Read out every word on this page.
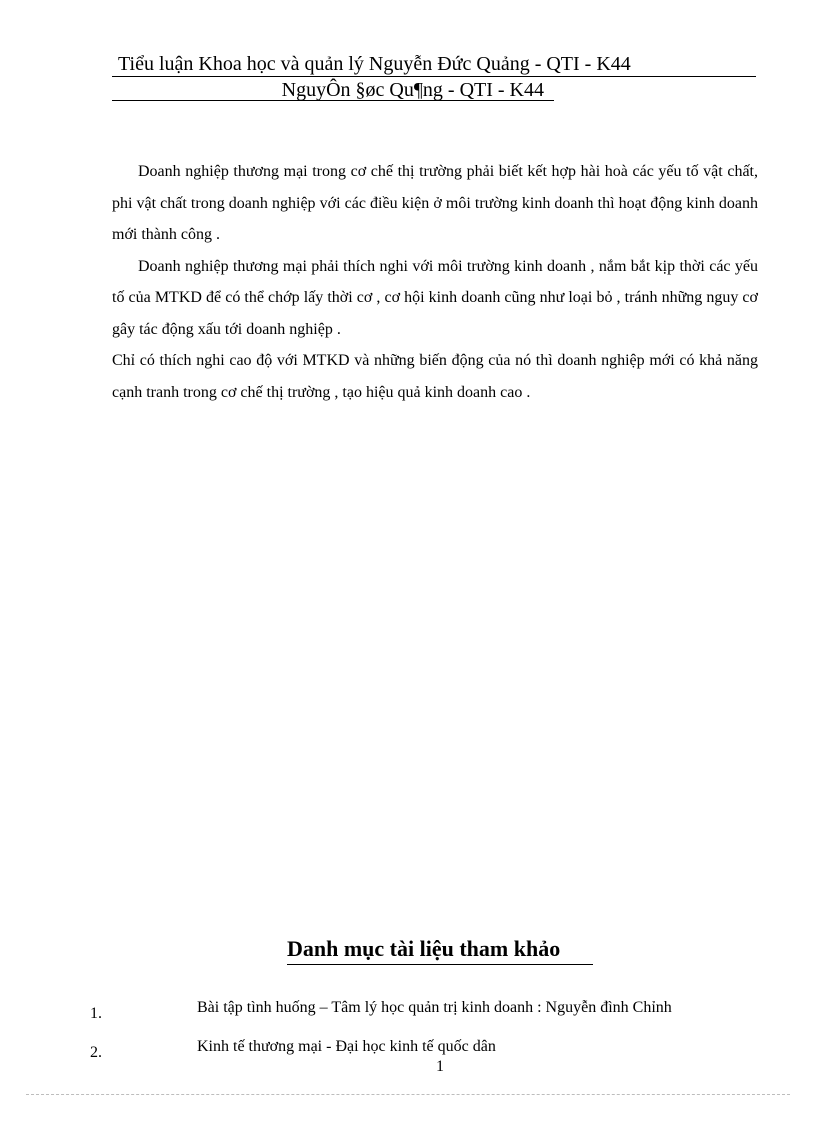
Tiểu luận Khoa học và quản lý Nguyễn Đức Quảng - QTI - K44
NguyÔn §øc Qu¶ng - QTI - K44

Doanh nghiệp thương mại trong cơ chế thị trường phải biết kết hợp hài hoà các yếu tố vật chất, phi vật chất trong doanh nghiệp với các điều kiện ở môi trường kinh doanh thì hoạt động kinh doanh mới thành công .

Doanh nghiệp thương mại phải thích nghi với môi trường kinh doanh , nắm bắt kịp thời các yếu tố của MTKD để có thể chớp lấy thời cơ , cơ hội kinh doanh cũng như loại bỏ , tránh những nguy cơ gây tác động xấu tới doanh nghiệp .

Chỉ có thích nghi cao độ với MTKD và những biến động của nó thì doanh nghiệp mới có khả năng cạnh tranh trong cơ chế thị trường , tạo hiệu quả kinh doanh cao .

Danh mục tài liệu tham khảo
1.	Bài tập tình huống – Tâm lý học quản trị kinh doanh : Nguyễn đình Chỉnh
2.	Kinh tế thương mại - Đại học kinh tế quốc dân
1
